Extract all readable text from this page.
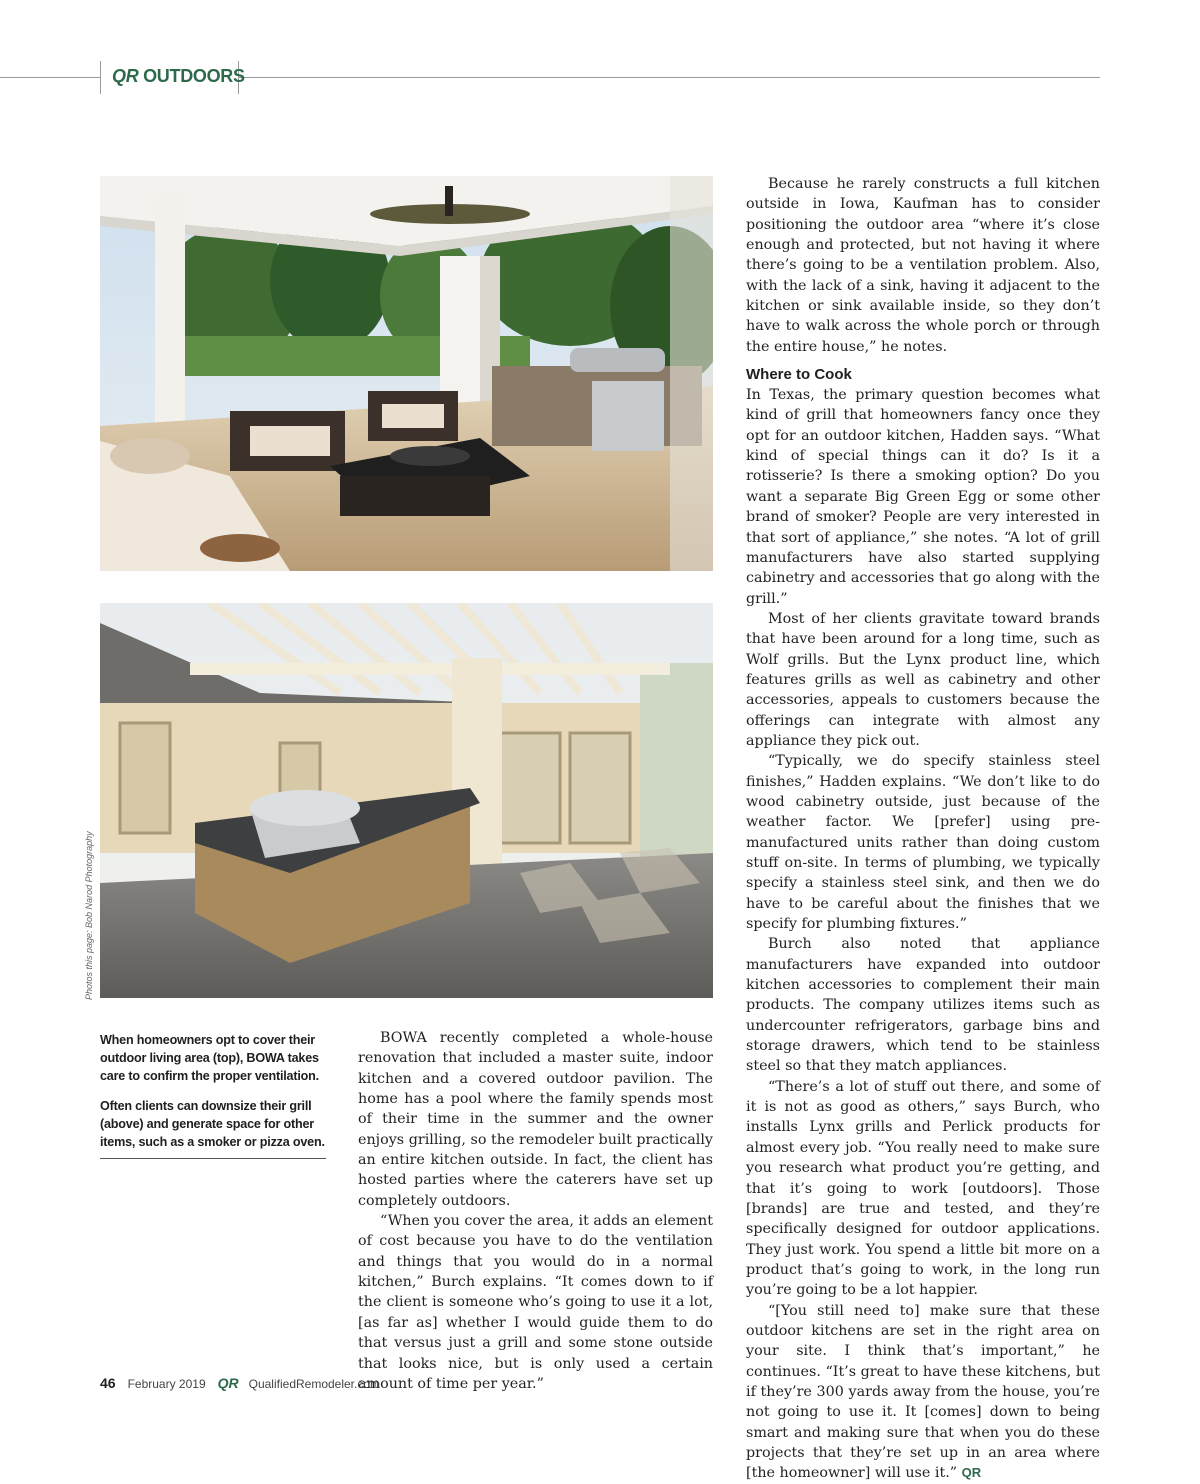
QR OUTDOORS
Photos this page: Bob Narod Photography

When homeowners opt to cover their outdoor living area (top), BOWA takes care to confirm the proper ventilation.

Often clients can downsize their grill (above) and generate space for other items, such as a smoker or pizza oven.

BOWA recently completed a whole-house renovation that included a master suite, indoor kitchen and a covered outdoor pavilion. The home has a pool where the family spends most of their time in the summer and the owner enjoys grilling, so the remodeler built practically an entire kitchen outside. In fact, the client has hosted parties where the caterers have set up completely outdoors.

“When you cover the area, it adds an element of cost because you have to do the ventilation and things that you would do in a normal kitchen,” Burch explains. “It comes down to if the client is someone who’s going to use it a lot, [as far as] whether I would guide them to do that versus just a grill and some stone outside that looks nice, but is only used a certain amount of time per year.”

Because he rarely constructs a full kitchen outside in Iowa, Kaufman has to consider positioning the outdoor area “where it’s close enough and protected, but not having it where there’s going to be a ventilation problem. Also, with the lack of a sink, having it adjacent to the kitchen or sink available inside, so they don’t have to walk across the whole porch or through the entire house,” he notes.

Where to Cook

In Texas, the primary question becomes what kind of grill that homeowners fancy once they opt for an outdoor kitchen, Hadden says. “What kind of special things can it do? Is it a rotisserie? Is there a smoking option? Do you want a separate Big Green Egg or some other brand of smoker? People are very interested in that sort of appliance,” she notes. “A lot of grill manufacturers have also started supplying cabinetry and accessories that go along with the grill.”

Most of her clients gravitate toward brands that have been around for a long time, such as Wolf grills. But the Lynx product line, which features grills as well as cabinetry and other accessories, appeals to customers because the offerings can integrate with almost any appliance they pick out.

“Typically, we do specify stainless steel finishes,” Hadden explains. “We don’t like to do wood cabinetry outside, just because of the weather factor. We [prefer] using pre-manufactured units rather than doing custom stuff on-site. In terms of plumbing, we typically specify a stainless steel sink, and then we do have to be careful about the finishes that we specify for plumbing fixtures.”

Burch also noted that appliance manufacturers have expanded into outdoor kitchen accessories to complement their main products. The company utilizes items such as undercounter refrigerators, garbage bins and storage drawers, which tend to be stainless steel so that they match appliances.

“There’s a lot of stuff out there, and some of it is not as good as others,” says Burch, who installs Lynx grills and Perlick products for almost every job. “You really need to make sure you research what product you’re getting, and that it’s going to work [outdoors]. Those [brands] are true and tested, and they’re specifically designed for outdoor applications. They just work. You spend a little bit more on a product that’s going to work, in the long run you’re going to be a lot happier.

“[You still need to] make sure that these outdoor kitchens are set in the right area on your site. I think that’s important,” he continues. “It’s great to have these kitchens, but if they’re 300 yards away from the house, you’re not going to use it. It [comes] down to being smart and making sure that when you do these projects that they’re set up in an area where [the homeowner] will use it.” QR

46 February 2019 QR QualifiedRemodeler.com
